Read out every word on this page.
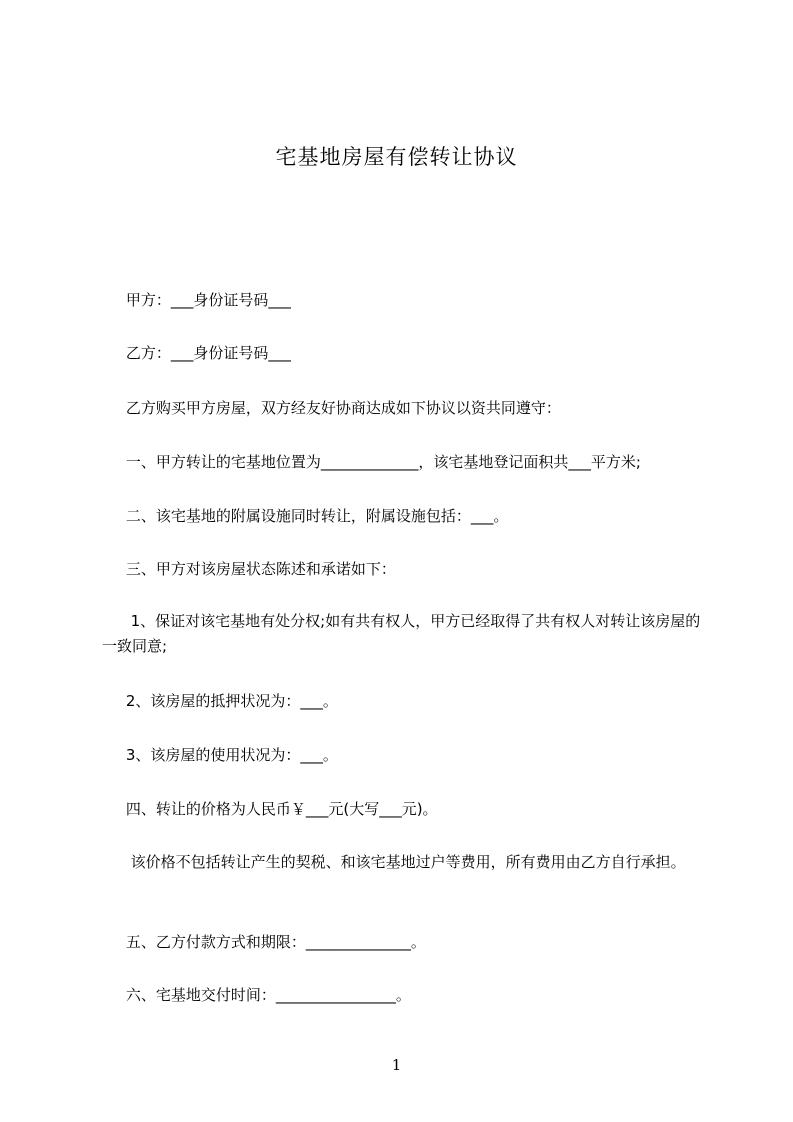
宅基地房屋有偿转让协议
甲方：___身份证号码___
乙方：___身份证号码___
乙方购买甲方房屋，双方经友好协商达成如下协议以资共同遵守：
一、甲方转让的宅基地位置为_____________，该宅基地登记面积共___平方米;
二、该宅基地的附属设施同时转让，附属设施包括：___。
三、甲方对该房屋状态陈述和承诺如下：
1、保证对该宅基地有处分权;如有共有权人，甲方已经取得了共有权人对转让该房屋的一致同意;
2、该房屋的抵押状况为：___。
3、该房屋的使用状况为：___。
四、转让的价格为人民币￥___元(大写___元)。
该价格不包括转让产生的契税、和该宅基地过户等费用，所有费用由乙方自行承担。
五、乙方付款方式和期限：______________。
六、宅基地交付时间：________________。
1
